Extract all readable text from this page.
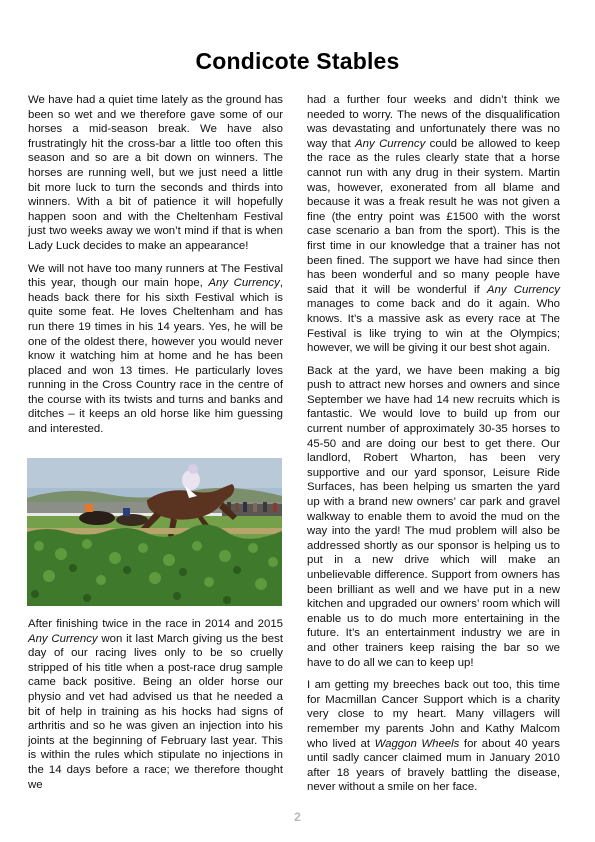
Condicote Stables

We have had a quiet time lately as the ground has been so wet and we therefore gave some of our horses a mid-season break. We have also frustratingly hit the cross-bar a little too often this season and so are a bit down on winners. The horses are running well, but we just need a little bit more luck to turn the seconds and thirds into winners. With a bit of patience it will hopefully happen soon and with the Cheltenham Festival just two weeks away we won’t mind if that is when Lady Luck decides to make an appearance!

We will not have too many runners at The Festival this year, though our main hope, Any Currency, heads back there for his sixth Festival which is quite some feat. He loves Cheltenham and has run there 19 times in his 14 years. Yes, he will be one of the oldest there, however you would never know it watching him at home and he has been placed and won 13 times. He particularly loves running in the Cross Country race in the centre of the course with its twists and turns and banks and ditches – it keeps an old horse like him guessing and interested.

After finishing twice in the race in 2014 and 2015 Any Currency won it last March giving us the best day of our racing lives only to be so cruelly stripped of his title when a post-race drug sample came back positive. Being an older horse our physio and vet had advised us that he needed a bit of help in training as his hocks had signs of arthritis and so he was given an injection into his joints at the beginning of February last year. This is within the rules which stipulate no injections in the 14 days before a race; we therefore thought we

had a further four weeks and didn’t think we needed to worry. The news of the disqualification was devastating and unfortunately there was no way that Any Currency could be allowed to keep the race as the rules clearly state that a horse cannot run with any drug in their system. Martin was, however, exonerated from all blame and because it was a freak result he was not given a fine (the entry point was £1500 with the worst case scenario a ban from the sport). This is the first time in our knowledge that a trainer has not been fined. The support we have had since then has been wonderful and so many people have said that it will be wonderful if Any Currency manages to come back and do it again. Who knows. It’s a massive ask as every race at The Festival is like trying to win at the Olympics; however, we will be giving it our best shot again.

Back at the yard, we have been making a big push to attract new horses and owners and since September we have had 14 new recruits which is fantastic. We would love to build up from our current number of approximately 30-35 horses to 45-50 and are doing our best to get there. Our landlord, Robert Wharton, has been very supportive and our yard sponsor, Leisure Ride Surfaces, has been helping us smarten the yard up with a brand new owners’ car park and gravel walkway to enable them to avoid the mud on the way into the yard! The mud problem will also be addressed shortly as our sponsor is helping us to put in a new drive which will make an unbelievable difference. Support from owners has been brilliant as well and we have put in a new kitchen and upgraded our owners’ room which will enable us to do much more entertaining in the future. It’s an entertainment industry we are in and other trainers keep raising the bar so we have to do all we can to keep up!

I am getting my breeches back out too, this time for Macmillan Cancer Support which is a charity very close to my heart. Many villagers will remember my parents John and Kathy Malcom who lived at Waggon Wheels for about 40 years until sadly cancer claimed mum in January 2010 after 18 years of bravely battling the disease, never without a smile on her face.

2
